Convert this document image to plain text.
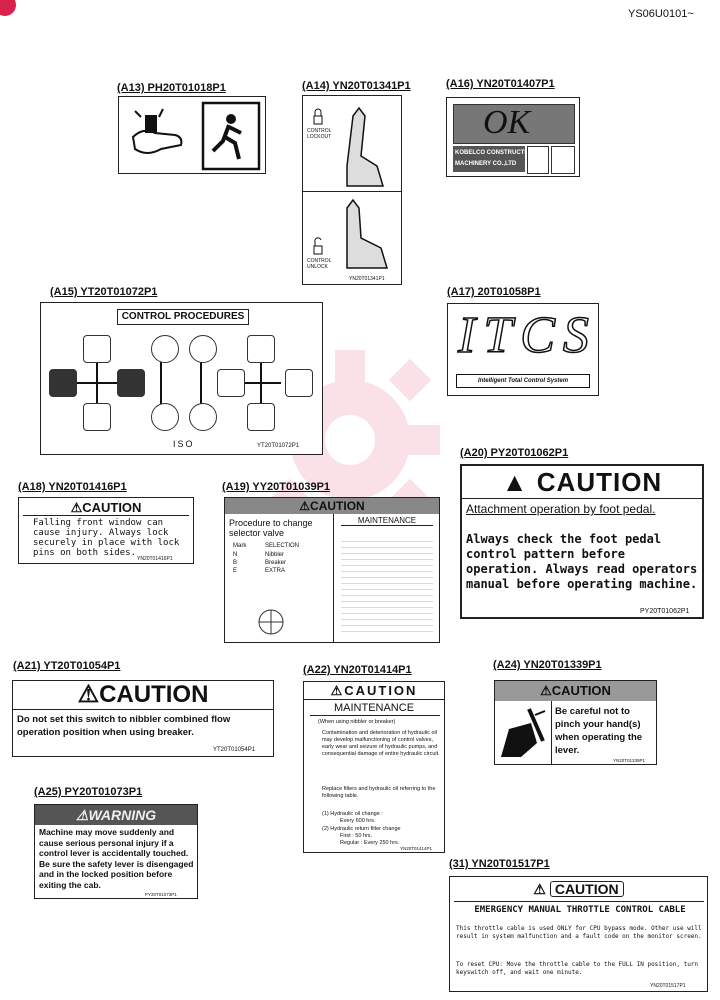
YS06U0101~
(A13) PH20T01018P1	(A14) YN20T01341P1
CONTROL LOCKOUT
CONTROL UNLOCK
YN20T01341P1
(A16) YN20T01407P1
OK
KOBELCO CONSTRUCTION
MACHINERY CO.,LTD
(A15) YT20T01072P1
CONTROL PROCEDURES
ISO	YT20T01072P1
(A17) 20T01058P1
ITCS
Intelligent Total Control System
(A18) YN20T01416P1
⚠CAUTION
Falling front window can cause injury. Always lock securely in place with lock pins on both sides.
YN20T01416P1
(A19) YY20T01039P1
⚠CAUTION
Procedure to change selector valve
Mark	SELECTION
N	Nibbler
B	Breaker
E	EXTRA
MAINTENANCE
(A20) PY20T01062P1
▲ CAUTION
Attachment operation by foot pedal.
Always check the foot pedal control pattern before operation. Always read operators manual before operating machine.
PY20T01062P1
(A21) YT20T01054P1
⚠CAUTION
Do not set this switch to nibbler combined flow operation position when using breaker.
YT20T01054P1
(A22) YN20T01414P1
⚠CAUTION
MAINTENANCE
(When using nibbler or breaker)
Contamination and deterioration of hydraulic oil may develop malfunctioning of control valves, early wear and seizure of hydraulic pumps, and consequential damage of entire hydraulic circuit.
Replace filters and hydraulic oil referring to the following table.
(1) Hydraulic oil change :
Every 600 hrs.
(2) Hydraulic return filter change
First : 50 hrs.
Regular : Every 250 hrs.
YN20T01414P1
(A24) YN20T01339P1
⚠CAUTION
Be careful not to pinch your hand(s) when operating the lever.
YN20T01339P1
(A25) PY20T01073P1
⚠WARNING
Machine may move suddenly and cause serious personal injury if a control lever is accidentally touched. Be sure the safety lever is disengaged and in the locked position before exiting the cab.
PY20T01073P1
(31) YN20T01517P1
⚠ CAUTION
EMERGENCY MANUAL THROTTLE CONTROL CABLE
This throttle cable is used ONLY for CPU bypass mode. Other use will result in system malfunction and a fault code on the monitor screen.
To reset CPU: Move the throttle cable to the FULL IN position, turn keyswitch off, and wait one minute.
YN20T01517P1
